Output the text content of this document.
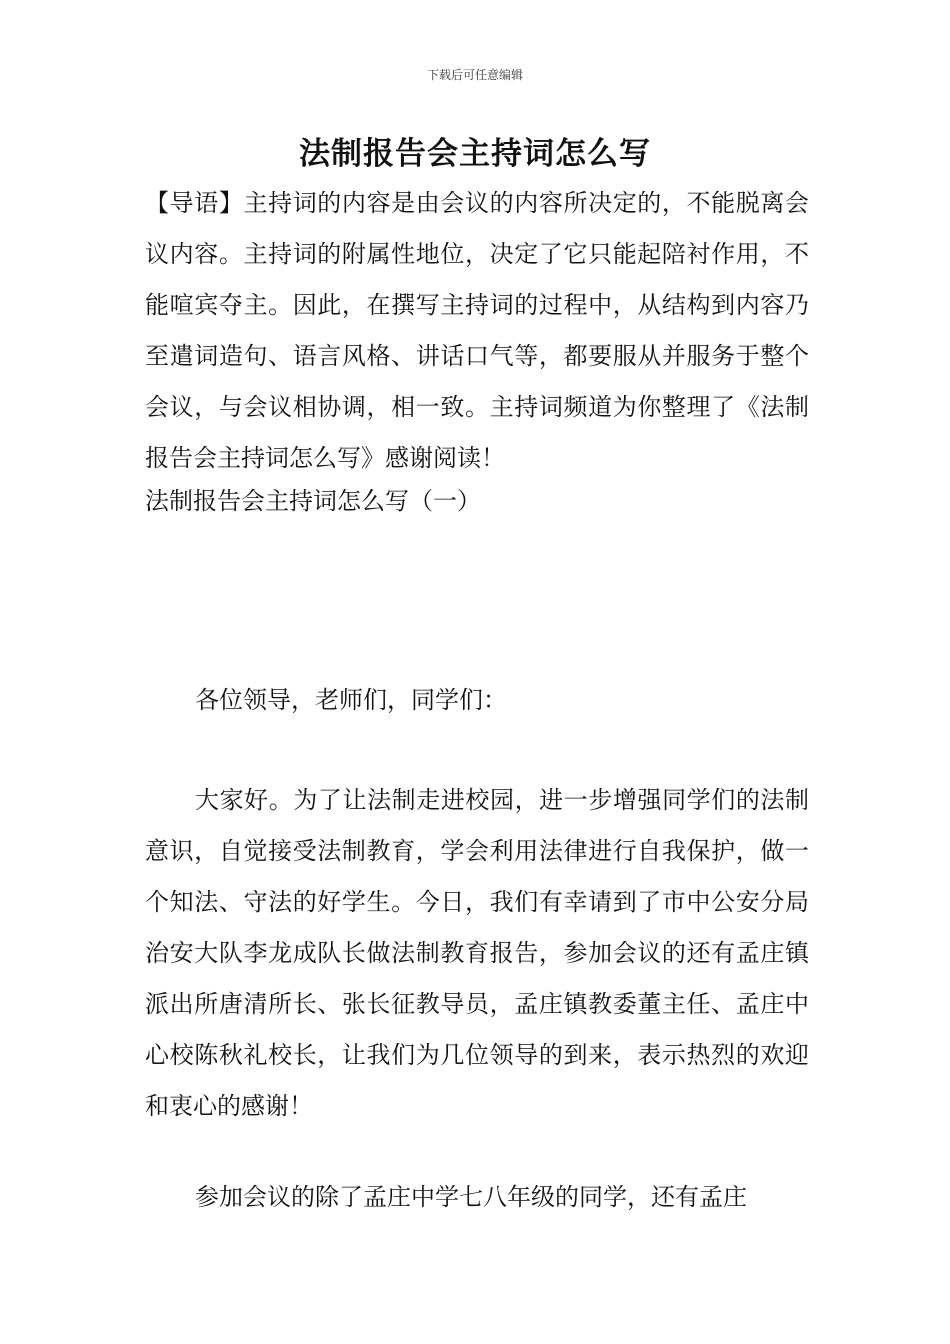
下载后可任意编辑
法制报告会主持词怎么写
【导语】主持词的内容是由会议的内容所决定的，不能脱离会议内容。主持词的附属性地位，决定了它只能起陪衬作用，不能喧宾夺主。因此，在撰写主持词的过程中，从结构到内容乃至遣词造句、语言风格、讲话口气等，都要服从并服务于整个会议，与会议相协调，相一致。主持词频道为你整理了《法制报告会主持词怎么写》感谢阅读！
法制报告会主持词怎么写（一）
各位领导，老师们，同学们：
大家好。为了让法制走进校园，进一步增强同学们的法制意识，自觉接受法制教育，学会利用法律进行自我保护，做一个知法、守法的好学生。今日，我们有幸请到了市中公安分局治安大队李龙成队长做法制教育报告，参加会议的还有孟庄镇派出所唐清所长、张长征教导员，孟庄镇教委董主任、孟庄中心校陈秋礼校长，让我们为几位领导的到来，表示热烈的欢迎和衷心的感谢！
参加会议的除了孟庄中学七八年级的同学，还有孟庄
